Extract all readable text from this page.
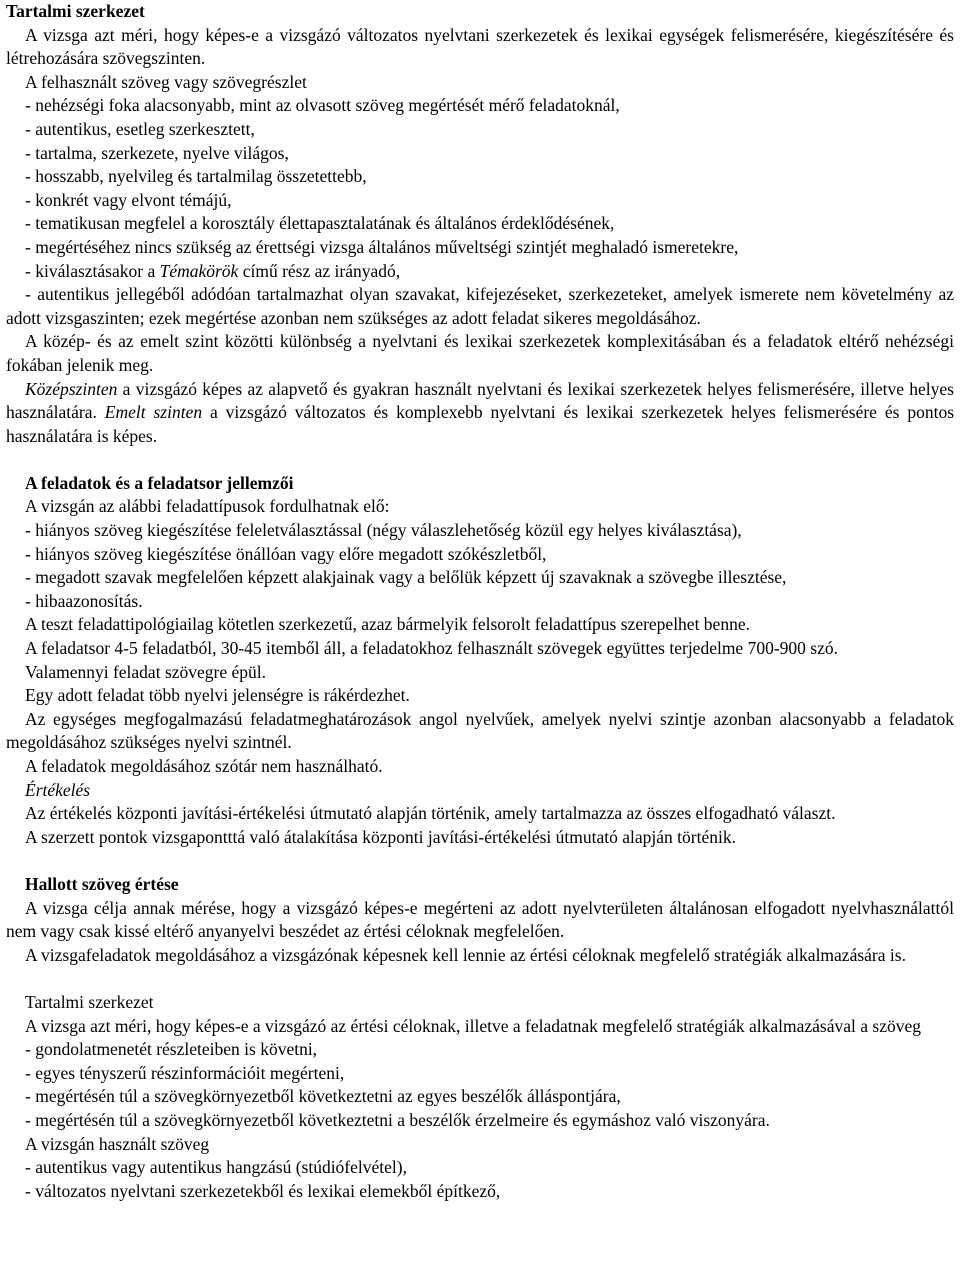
Tartalmi szerkezet

A vizsga azt méri, hogy képes-e a vizsgázó változatos nyelvtani szerkezetek és lexikai egységek felismerésére, kiegészítésére és létrehozására szövegszinten.

A felhasznált szöveg vagy szövegrészlet

- nehézségi foka alacsonyabb, mint az olvasott szöveg megértését mérő feladatoknál,

- autentikus, esetleg szerkesztett,

- tartalma, szerkezete, nyelve világos,

- hosszabb, nyelvileg és tartalmilag összetettebb,

- konkrét vagy elvont témájú,

- tematikusan megfelel a korosztály élettapasztalatának és általános érdeklődésének,

- megértéséhez nincs szükség az érettségi vizsga általános műveltségi szintjét meghaladó ismeretekre,

- kiválasztásakor a Témakörök című rész az irányadó,

- autentikus jellegéből adódóan tartalmazhat olyan szavakat, kifejezéseket, szerkezeteket, amelyek ismerete nem követelmény az adott vizsgaszinten; ezek megértése azonban nem szükséges az adott feladat sikeres megoldásához.

A közép- és az emelt szint közötti különbség a nyelvtani és lexikai szerkezetek komplexitásában és a feladatok eltérő nehézségi fokában jelenik meg.

Középszinten a vizsgázó képes az alapvető és gyakran használt nyelvtani és lexikai szerkezetek helyes felismerésére, illetve helyes használatára. Emelt szinten a vizsgázó változatos és komplexebb nyelvtani és lexikai szerkezetek helyes felismerésére és pontos használatára is képes.

A feladatok és a feladatsor jellemzői

A vizsgán az alábbi feladattípusok fordulhatnak elő:

- hiányos szöveg kiegészítése feleletválasztással (négy válaszlehetőség közül egy helyes kiválasztása),

- hiányos szöveg kiegészítése önállóan vagy előre megadott szókészletből,

- megadott szavak megfelelően képzett alakjainak vagy a belőlük képzett új szavaknak a szövegbe illesztése,

- hibaazonosítás.

A teszt feladattipológiailag kötetlen szerkezetű, azaz bármelyik felsorolt feladattípus szerepelhet benne.

A feladatsor 4-5 feladatból, 30-45 itemből áll, a feladatokhoz felhasznált szövegek együttes terjedelme 700-900 szó.

Valamennyi feladat szövegre épül.

Egy adott feladat több nyelvi jelenségre is rákérdezhet.

Az egységes megfogalmazású feladatmeghatározások angol nyelvűek, amelyek nyelvi szintje azonban alacsonyabb a feladatok megoldásához szükséges nyelvi szintnél.

A feladatok megoldásához szótár nem használható.

Értékelés

Az értékelés központi javítási-értékelési útmutató alapján történik, amely tartalmazza az összes elfogadható választ.

A szerzett pontok vizsgapontttá való átalakítása központi javítási-értékelési útmutató alapján történik.

Hallott szöveg értése

A vizsga célja annak mérése, hogy a vizsgázó képes-e megérteni az adott nyelvterületen általánosan elfogadott nyelvhasználattól nem vagy csak kissé eltérő anyanyelvi beszédet az értési céloknak megfelelően.

A vizsgafeladatok megoldásához a vizsgázónak képesnek kell lennie az értési céloknak megfelelő stratégiák alkalmazására is.

Tartalmi szerkezet

A vizsga azt méri, hogy képes-e a vizsgázó az értési céloknak, illetve a feladatnak megfelelő stratégiák alkalmazásával a szöveg

- gondolatmenetét részleteiben is követni,

- egyes tényszerű részinformációit megérteni,

- megértésén túl a szövegkörnyezetből következtetni az egyes beszélők álláspontjára,

- megértésén túl a szövegkörnyezetből következtetni a beszélők érzelmeire és egymáshoz való viszonyára.

A vizsgán használt szöveg

- autentikus vagy autentikus hangzású (stúdiófelvétel),

- változatos nyelvtani szerkezetekből és lexikai elemekből építkező,
